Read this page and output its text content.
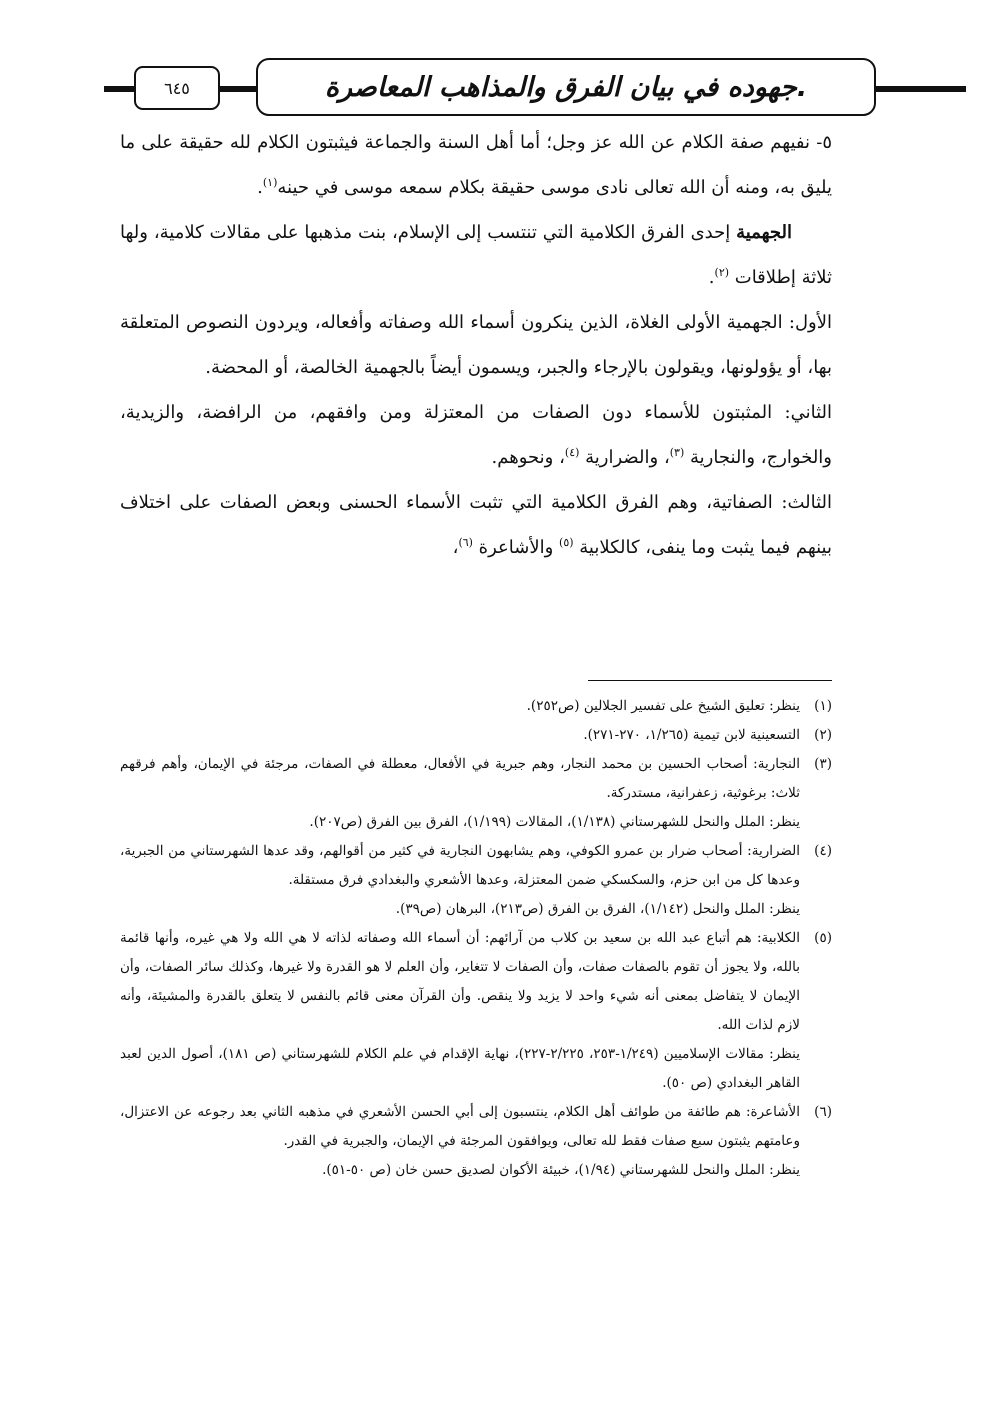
٦٤٥	جهوده في بيان الفرق والمذاهب المعاصرة.

٥- نفيهم صفة الكلام عن الله عز وجل؛ أما أهل السنة والجماعة فيثبتون الكلام لله حقيقة على ما يليق به، ومنه أن الله تعالى نادى موسى حقيقة بكلام سمعه موسى في حينه$^{(١)}$.

الجهمية إحدى الفرق الكلامية التي تنتسب إلى الإسلام، بنت مذهبها على مقالات كلامية، ولها ثلاثة إطلاقات $^{(٢)}$.

الأول: الجهمية الأولى الغلاة، الذين ينكرون أسماء الله وصفاته وأفعاله، ويردون النصوص المتعلقة بها، أو يؤولونها، ويقولون بالإرجاء والجبر، ويسمون أيضاً بالجهمية الخالصة، أو المحضة.

الثاني: المثبتون للأسماء دون الصفات من المعتزلة ومن وافقهم، من الرافضة، والزيدية، والخوارج، والنجارية $^{(٣)}$، والضرارية $^{(٤)}$، ونحوهم.

الثالث: الصفاتية، وهم الفرق الكلامية التي تثبت الأسماء الحسنى وبعض الصفات على اختلاف بينهم فيما يثبت وما ينفى، كالكلابية $^{(٥)}$ والأشاعرة $^{(٦)}$،

(١)
ينظر: تعليق الشيخ على تفسير الجلالين (ص٢٥٢).
(٢)
التسعينية لابن تيمية (١/٢٦٥، ٢٧٠-٢٧١).
(٣)
النجارية: أصحاب الحسين بن محمد النجار، وهم جبرية في الأفعال، معطلة في الصفات، مرجئة في الإيمان، وأهم فرقهم ثلاث: برغوثية، زعفرانية، مستدركة.
ينظر: الملل والنحل للشهرستاني (١/١٣٨)، المقالات (١/١٩٩)، الفرق بين الفرق (ص٢٠٧).
(٤)
الضرارية: أصحاب ضرار بن عمرو الكوفي، وهم يشابهون النجارية في كثير من أقوالهم، وقد عدها الشهرستاني من الجبرية، وعدها كل من ابن حزم، والسكسكي ضمن المعتزلة، وعدها الأشعري والبغدادي فرق مستقلة.
ينظر: الملل والنحل (١/١٤٢)، الفرق بن الفرق (ص٢١٣)، البرهان (ص٣٩).
(٥)
الكلابية: هم أتباع عبد الله بن سعيد بن كلاب من آرائهم: أن أسماء الله وصفاته لذاته لا هي الله ولا هي غيره، وأنها قائمة بالله، ولا يجوز أن تقوم بالصفات صفات، وأن الصفات لا تتغاير، وأن العلم لا هو القدرة ولا غيرها، وكذلك سائر الصفات، وأن الإيمان لا يتفاضل بمعنى أنه شيء واحد لا يزيد ولا ينقص. وأن القرآن معنى قائم بالنفس لا يتعلق بالقدرة والمشيئة، وأنه لازم لذات الله.
ينظر: مقالات الإسلاميين (١/٢٤٩-٢٥٣، ٢/٢٢٥-٢٢٧)، نهاية الإقدام في علم الكلام للشهرستاني (ص ١٨١)، أصول الدين لعبد القاهر البغدادي (ص ٥٠).
(٦)
الأشاعرة: هم طائفة من طوائف أهل الكلام، ينتسبون إلى أبي الحسن الأشعري في مذهبه الثاني بعد رجوعه عن الاعتزال، وعامتهم يثبتون سبع صفات فقط لله تعالى، ويوافقون المرجئة في الإيمان، والجبرية في القدر.
ينظر: الملل والنحل للشهرستاني (١/٩٤)، خبيئة الأكوان لصديق حسن خان (ص ٥٠-٥١).
